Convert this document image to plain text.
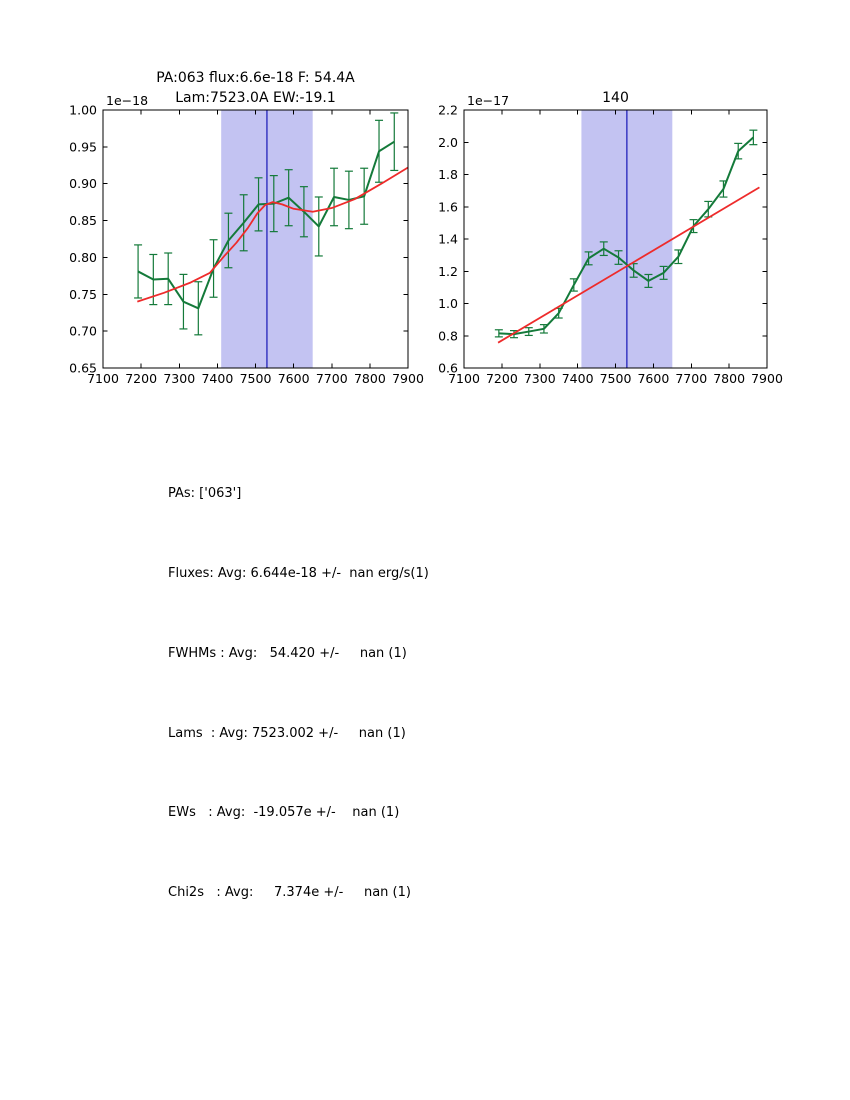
PA:063 flux:6.6e-18 F: 54.4A
Lam:7523.0A EW:-19.1	140
1e−18	1e−17
7100 7200 7300 7400 7500 7600 7700 7800 7900
0.65
0.70
0.75
0.80
0.85
0.90
0.95
1.00
7100 7200 7300 7400 7500 7600 7700 7800 7900
0.6
0.8
1.0
1.2
1.4
1.6
1.8
2.0
2.2

PAs: ['063']

Fluxes: Avg: 6.644e-18 +/-  nan erg/s(1)

FWHMs : Avg:   54.420 +/-     nan (1)

Lams  : Avg: 7523.002 +/-     nan (1)

EWs   : Avg:  -19.057e +/-    nan (1)

Chi2s   : Avg:     7.374e +/-     nan (1)
